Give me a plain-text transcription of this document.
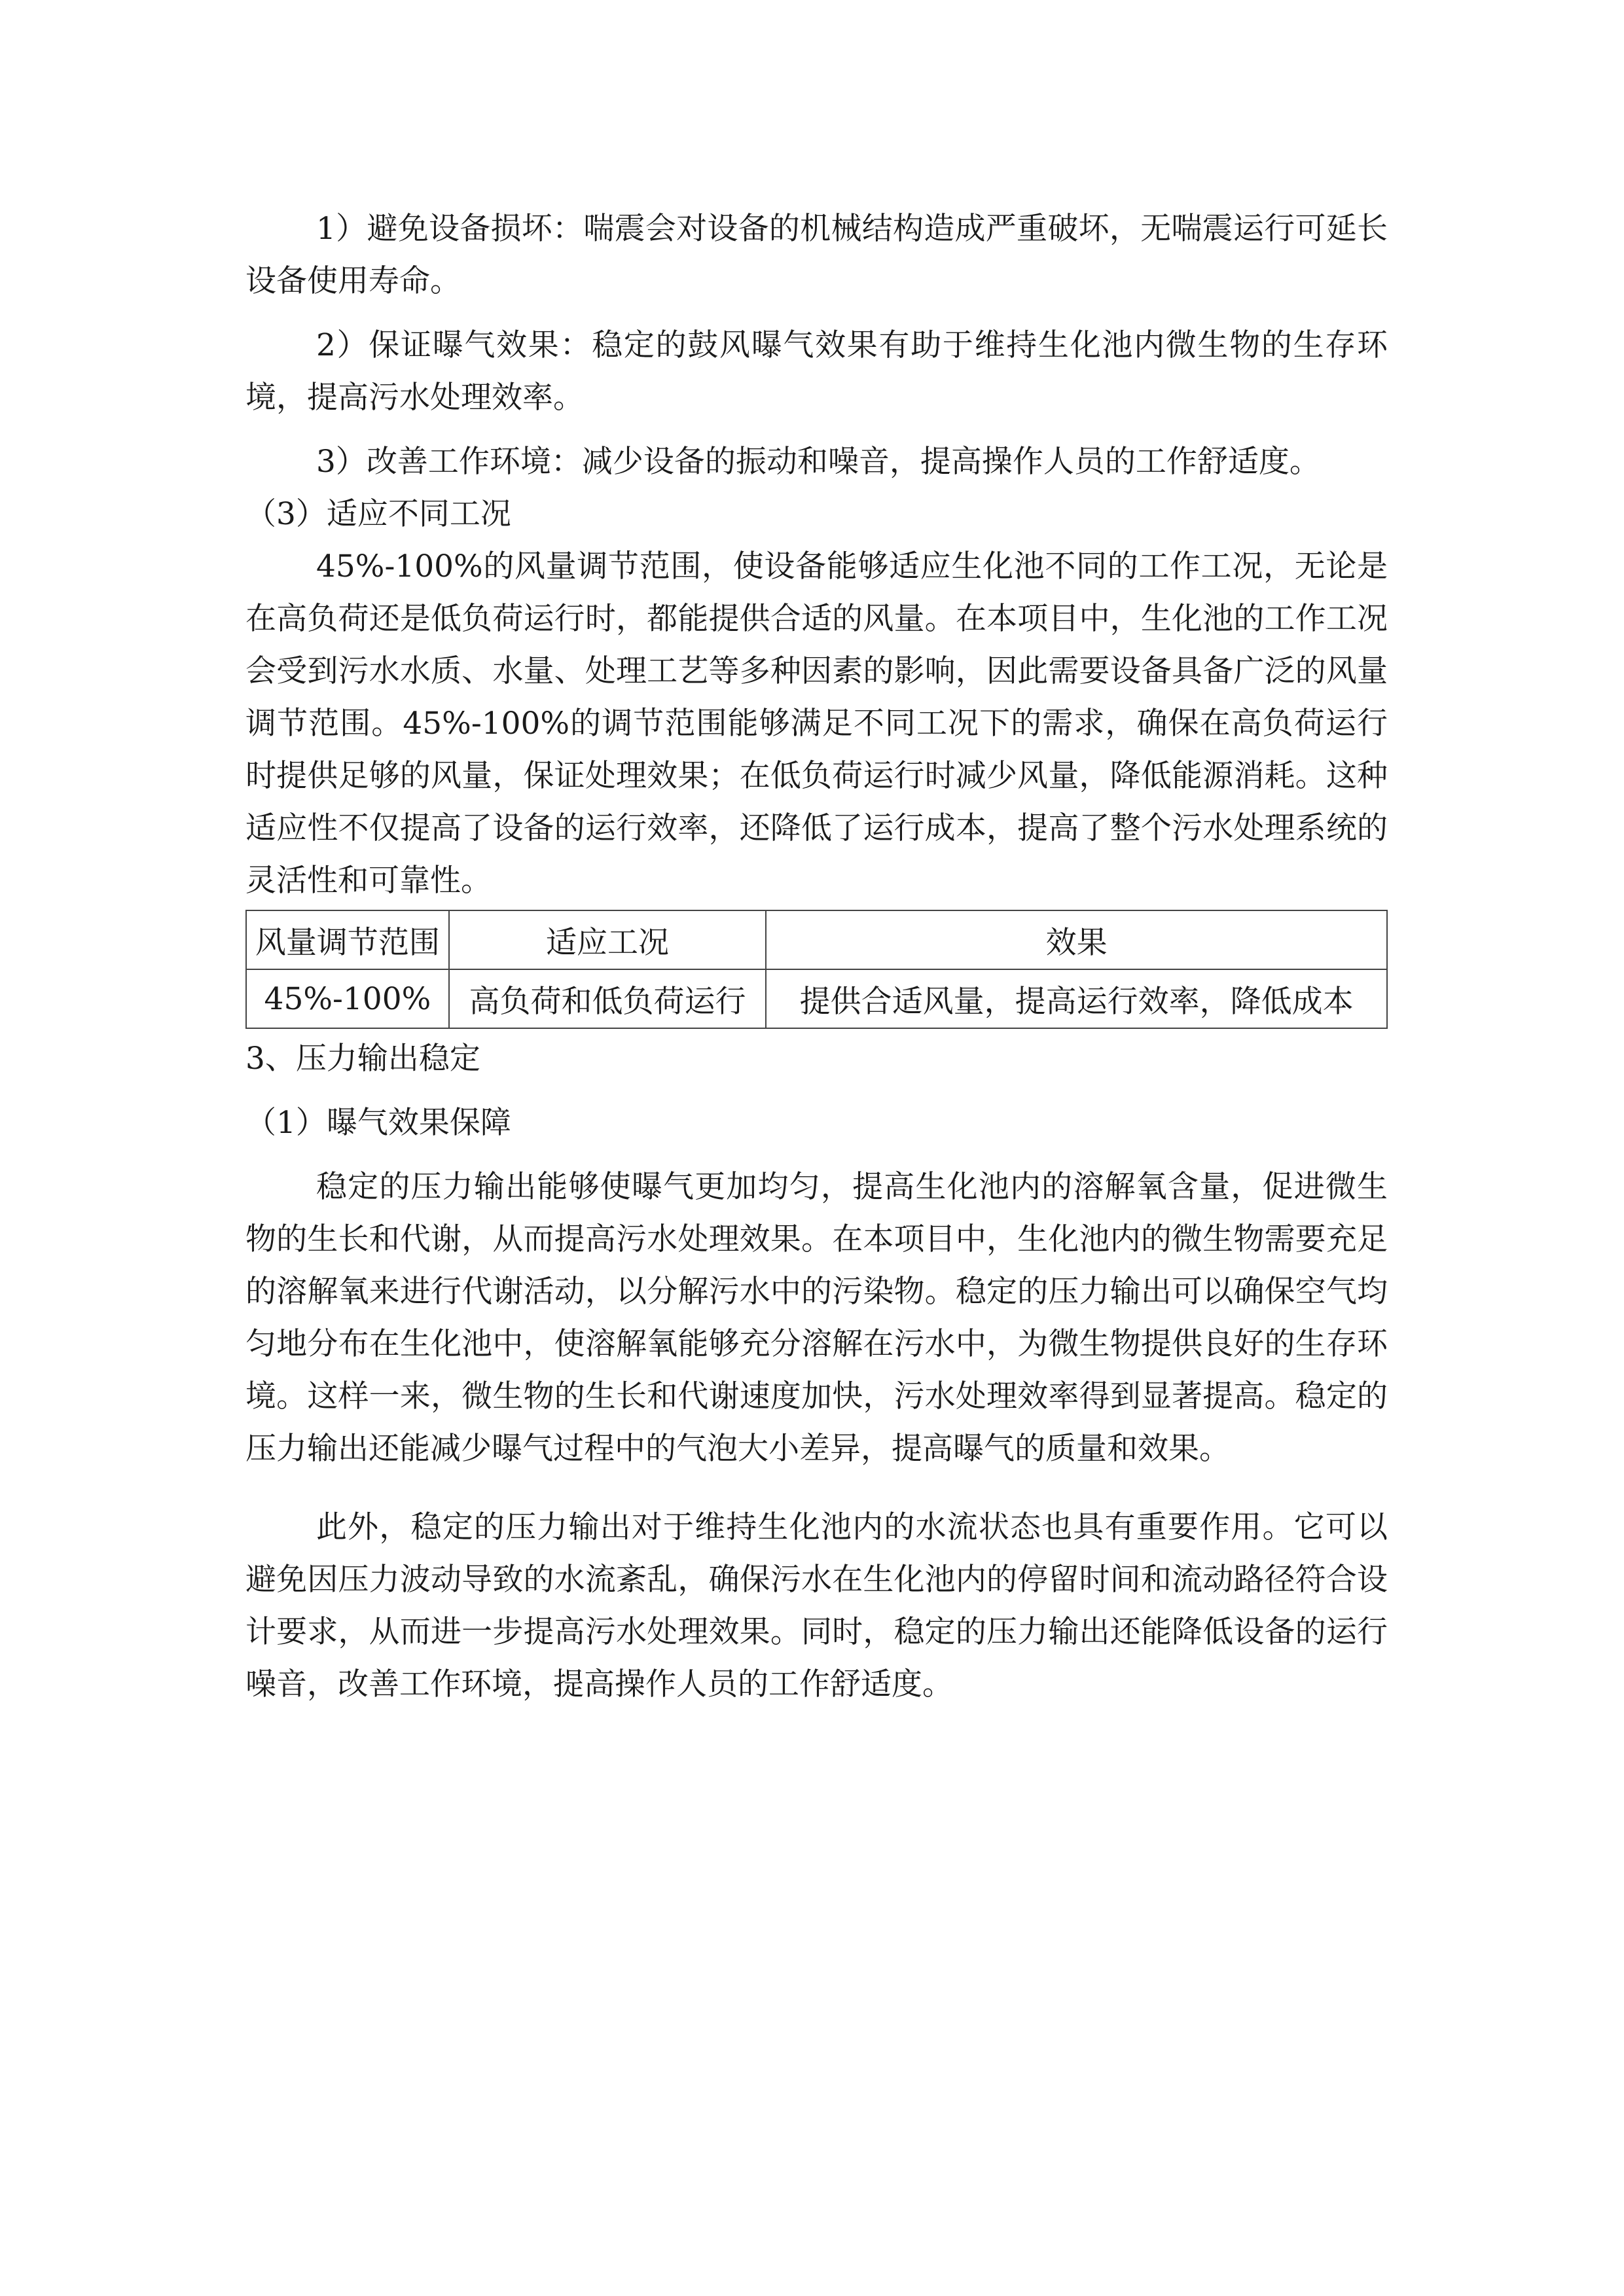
1）避免设备损坏：喘震会对设备的机械结构造成严重破坏，无喘震运行可延长设备使用寿命。

2）保证曝气效果：稳定的鼓风曝气效果有助于维持生化池内微生物的生存环境，提高污水处理效率。

3）改善工作环境：减少设备的振动和噪音，提高操作人员的工作舒适度。

（3）适应不同工况

45%-100%的风量调节范围，使设备能够适应生化池不同的工作工况，无论是在高负荷还是低负荷运行时，都能提供合适的风量。在本项目中，生化池的工作工况会受到污水水质、水量、处理工艺等多种因素的影响，因此需要设备具备广泛的风量调节范围。45%-100%的调节范围能够满足不同工况下的需求，确保在高负荷运行时提供足够的风量，保证处理效果；在低负荷运行时减少风量，降低能源消耗。这种适应性不仅提高了设备的运行效率，还降低了运行成本，提高了整个污水处理系统的灵活性和可靠性。

风量调节范围	适应工况	效果
45%-100%	高负荷和低负荷运行	提供合适风量，提高运行效率，降低成本

3、压力输出稳定

（1）曝气效果保障

稳定的压力输出能够使曝气更加均匀，提高生化池内的溶解氧含量，促进微生物的生长和代谢，从而提高污水处理效果。在本项目中，生化池内的微生物需要充足的溶解氧来进行代谢活动，以分解污水中的污染物。稳定的压力输出可以确保空气均匀地分布在生化池中，使溶解氧能够充分溶解在污水中，为微生物提供良好的生存环境。这样一来，微生物的生长和代谢速度加快，污水处理效率得到显著提高。稳定的压力输出还能减少曝气过程中的气泡大小差异，提高曝气的质量和效果。

此外，稳定的压力输出对于维持生化池内的水流状态也具有重要作用。它可以避免因压力波动导致的水流紊乱，确保污水在生化池内的停留时间和流动路径符合设计要求，从而进一步提高污水处理效果。同时，稳定的压力输出还能降低设备的运行噪音，改善工作环境，提高操作人员的工作舒适度。
